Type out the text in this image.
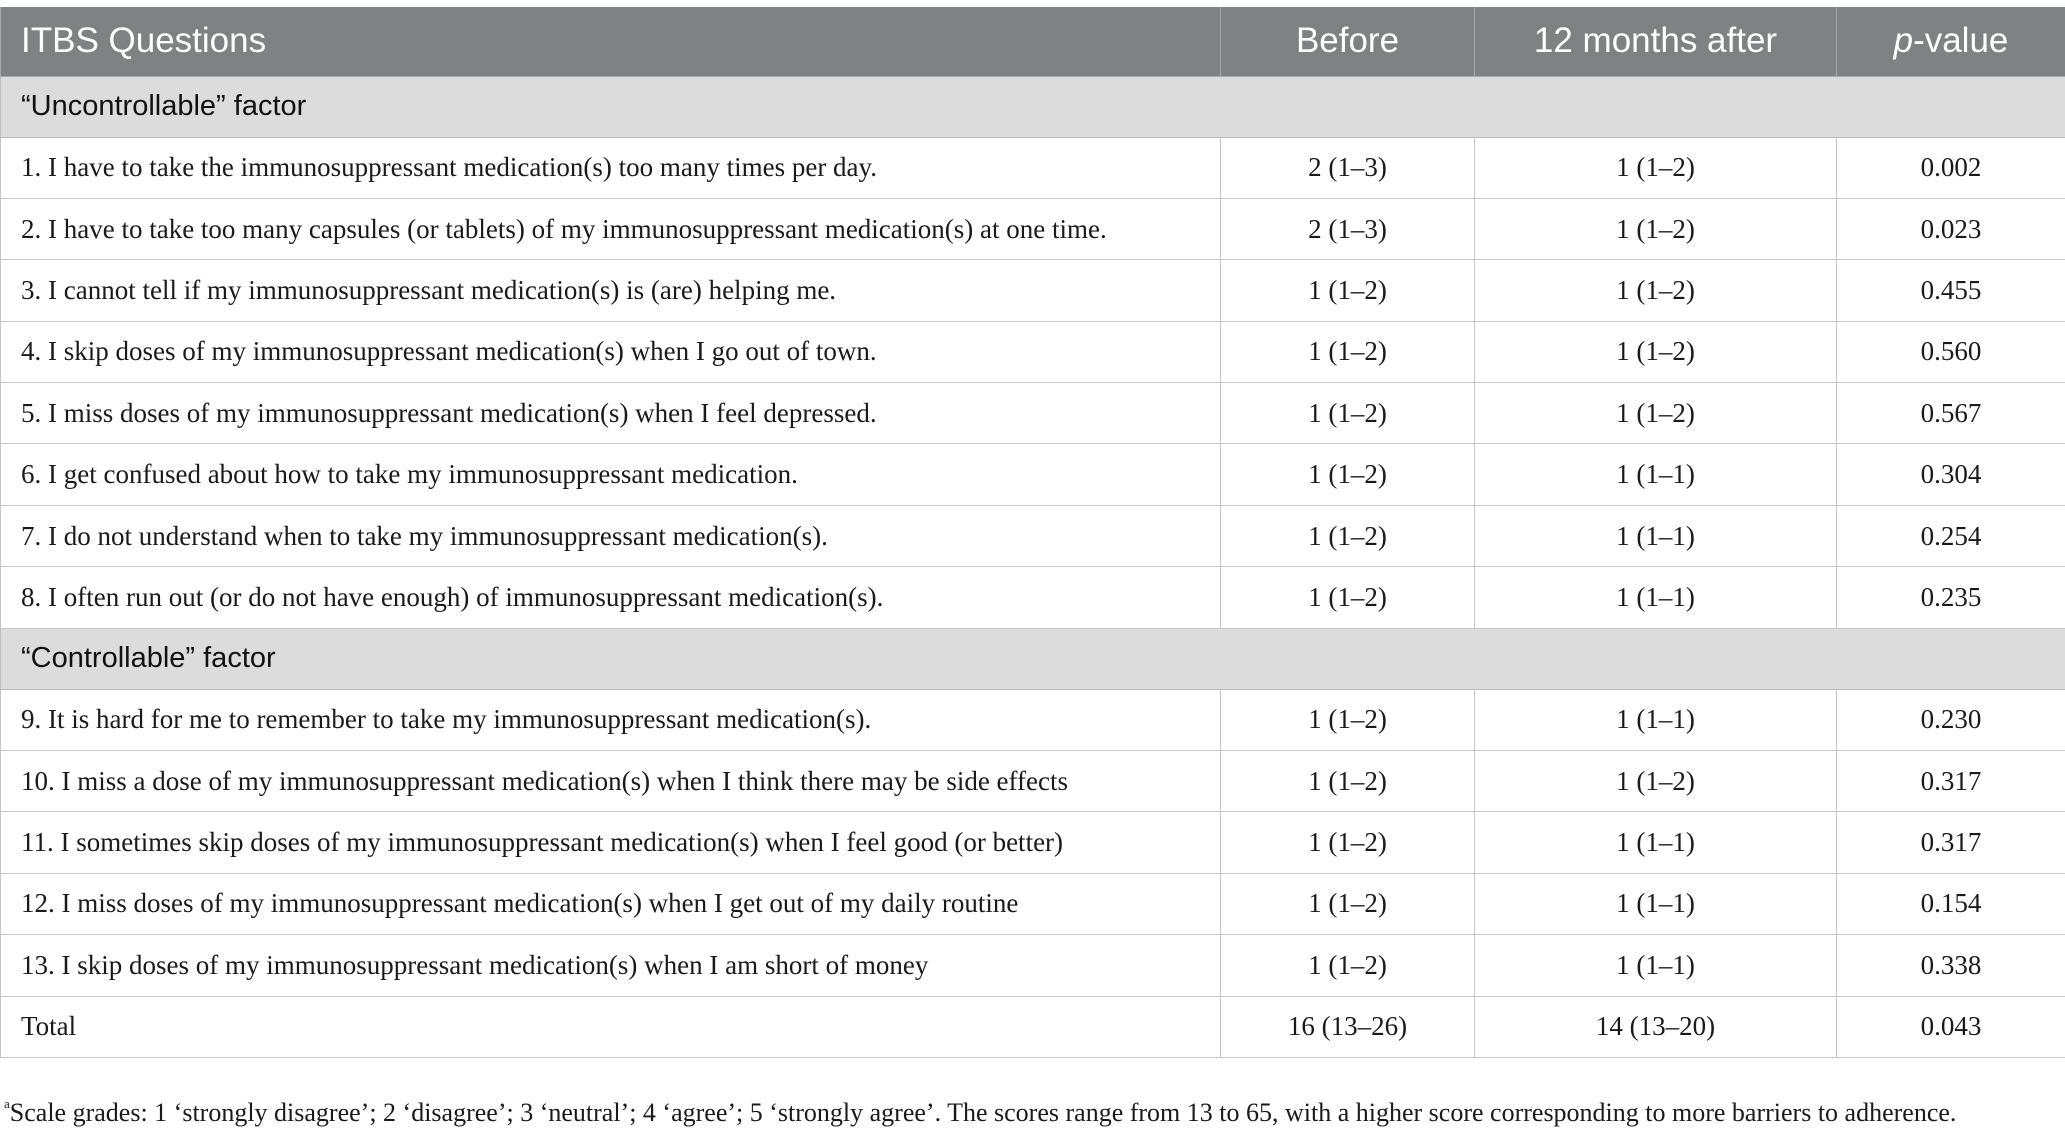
ITBS Questions	Before	12 months after	p-value
“Uncontrollable” factor			
1. I have to take the immunosuppressant medication(s) too many times per day.	2 (1–3)	1 (1–2)	0.002
2. I have to take too many capsules (or tablets) of my immunosuppressant medication(s) at one time.	2 (1–3)	1 (1–2)	0.023
3. I cannot tell if my immunosuppressant medication(s) is (are) helping me.	1 (1–2)	1 (1–2)	0.455
4. I skip doses of my immunosuppressant medication(s) when I go out of town.	1 (1–2)	1 (1–2)	0.560
5. I miss doses of my immunosuppressant medication(s) when I feel depressed.	1 (1–2)	1 (1–2)	0.567
6. I get confused about how to take my immunosuppressant medication.	1 (1–2)	1 (1–1)	0.304
7. I do not understand when to take my immunosuppressant medication(s).	1 (1–2)	1 (1–1)	0.254
8. I often run out (or do not have enough) of immunosuppressant medication(s).	1 (1–2)	1 (1–1)	0.235
“Controllable” factor			
9. It is hard for me to remember to take my immunosuppressant medication(s).	1 (1–2)	1 (1–1)	0.230
10. I miss a dose of my immunosuppressant medication(s) when I think there may be side effects	1 (1–2)	1 (1–2)	0.317
11. I sometimes skip doses of my immunosuppressant medication(s) when I feel good (or better)	1 (1–2)	1 (1–1)	0.317
12. I miss doses of my immunosuppressant medication(s) when I get out of my daily routine	1 (1–2)	1 (1–1)	0.154
13. I skip doses of my immunosuppressant medication(s) when I am short of money	1 (1–2)	1 (1–1)	0.338
Total	16 (13–26)	14 (13–20)	0.043
$^a$Scale grades: 1 ‘strongly disagree’; 2 ‘disagree’; 3 ‘neutral’; 4 ‘agree’; 5 ‘strongly agree’. The scores range from 13 to 65, with a higher score corresponding to more barriers to adherence.
